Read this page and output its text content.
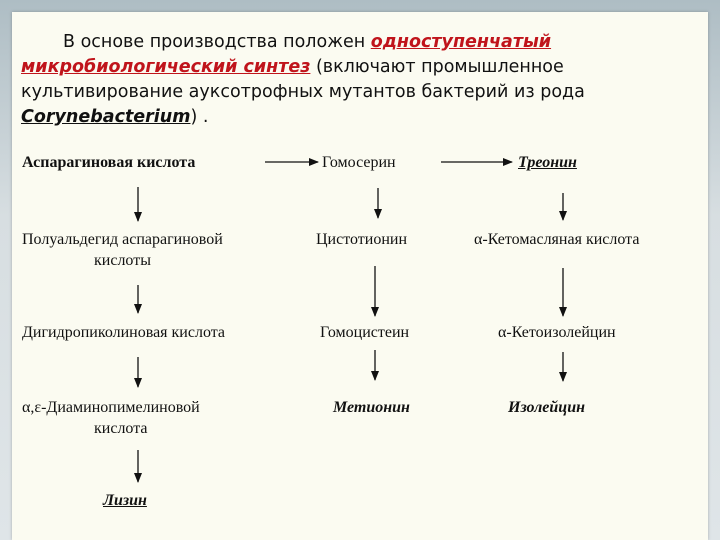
В основе производства положен одноступенчатый микробиологический синтез (включают промышленное культивирование ауксотрофных мутантов бактерий из рода Corynebacterium) .
Аспарагиновая кислота
Полуальдегид аспарагиновой
кислоты
Дигидропиколиновая кислота
α,ε-Диаминопимелиновой
кислота
Лизин
Гомосерин
Цистотионин
Гомоцистеин
Метионин
Треонин
α-Кетомасляная кислота
α-Кетоизолейцин
Изолейцин
